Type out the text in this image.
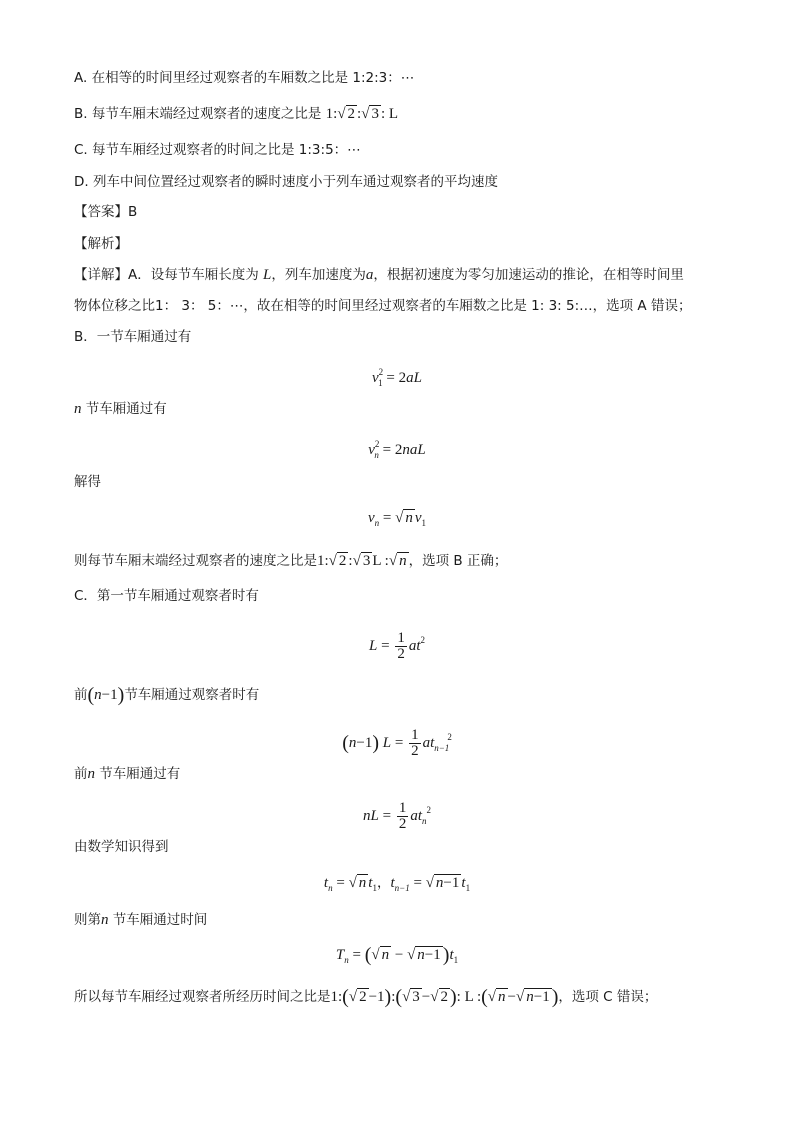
A. 在相等的时间里经过观察者的车厢数之比是 1:2:3：⋯
B. 每节车厢末端经过观察者的速度之比是 1:√ 2 :√ 3 : L
C. 每节车厢经过观察者的时间之比是 1:3:5：⋯
D. 列车中间位置经过观察者的瞬时速度小于列车通过观察者的平均速度
【答案】B
【解析】
【详解】A．设每节车厢长度为 L，列车加速度为a，根据初速度为零匀加速运动的推论，在相等时间里
物体位移之比1： 3： 5：⋯，故在相等的时间里经过观察者的车厢数之比是 1: 3: 5:…，选项 A 错误；
B．一节车厢通过有
$v^2_1 = 2aL$
n 节车厢通过有
$v^2_n = 2naL$
解得
$v_n$ = √ n $v_1$
则每节车厢末端经过观察者的速度之比是1:√ 2 :√ 3 L :√ n ，选项 B 正确；
C．第一节车厢通过观察者时有
$L = \frac{1}{2} at^2$
前(n−1)节车厢通过观察者时有
(n−1) $L = \frac{1}{2} at_{n-1}^2$
前n 节车厢通过有
nL = $\frac{1}{2} at_n^2$
由数学知识得到
$t_n$ = √ n $t_1$，$t_{n-1}$ = √ n−1 $t_1$
则第n 节车厢通过时间
$T_n$ = (√ n − √ n−1 )$t_1$
所以每节车厢经过观察者所经历时间之比是1:(√ 2 −1):(√ 3 −√ 2 ): L :(√ n −√ n−1 )，选项 C 错误；
